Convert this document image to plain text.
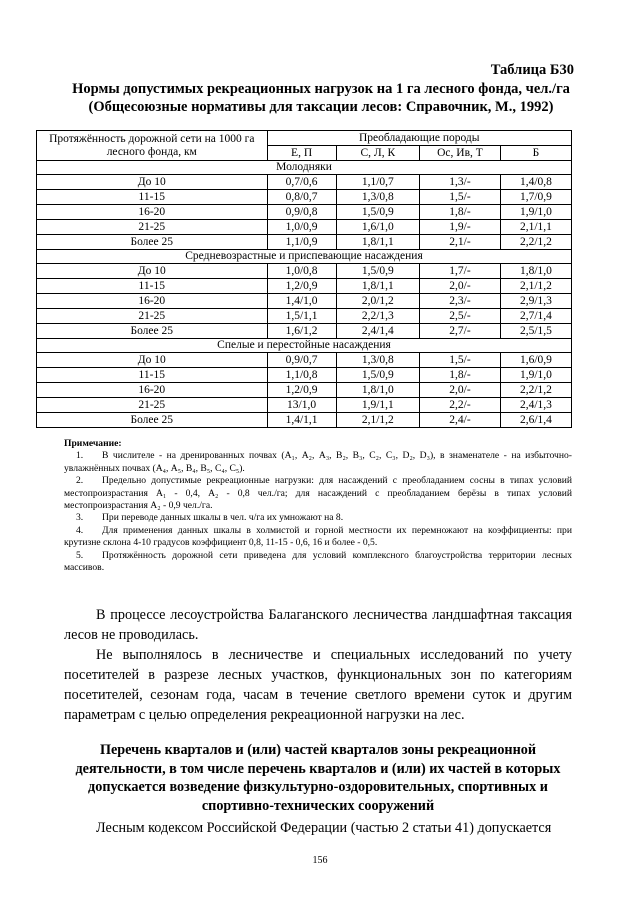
Таблица Б30
Нормы допустимых рекреационных нагрузок на 1 га лесного фонда, чел./га (Общесоюзные нормативы для таксации лесов: Справочник, М., 1992)
Протяжённость дорожной сети на 1000 га лесного фонда, км	Преобладающие породы			
	Е, П	С, Л, К	Ос, Ив, Т	Б
Молодняки				
До 10	0,7/0,6	1,1/0,7	1,3/-	1,4/0,8
11-15	0,8/0,7	1,3/0,8	1,5/-	1,7/0,9
16-20	0,9/0,8	1,5/0,9	1,8/-	1,9/1,0
21-25	1,0/0,9	1,6/1,0	1,9/-	2,1/1,1
Более 25	1,1/0,9	1,8/1,1	2,1/-	2,2/1,2
Средневозрастные и приспевающие насаждения				
До 10	1,0/0,8	1,5/0,9	1,7/-	1,8/1,0
11-15	1,2/0,9	1,8/1,1	2,0/-	2,1/1,2
16-20	1,4/1,0	2,0/1,2	2,3/-	2,9/1,3
21-25	1,5/1,1	2,2/1,3	2,5/-	2,7/1,4
Более 25	1,6/1,2	2,4/1,4	2,7/-	2,5/1,5
Спелые и перестойные насаждения				
До 10	0,9/0,7	1,3/0,8	1,5/-	1,6/0,9
11-15	1,1/0,8	1,5/0,9	1,8/-	1,9/1,0
16-20	1,2/0,9	1,8/1,0	2,0/-	2,2/1,2
21-25	13/1,0	1,9/1,1	2,2/-	2,4/1,3
Более 25	1,4/1,1	2,1/1,2	2,4/-	2,6/1,4

Примечание:

1. В числителе - на дренированных почвах (А₁, А₂, А₃, В₂, В₃, С₂, С₃, D₂, D₃), в знаменателе - на избыточно-увлажнённых почвах (А₄, А₅, В₄, В₅, С₄, С₅).

2. Предельно допустимые рекреационные нагрузки: для насаждений с преобладанием сосны в типах условий местопроизрастания А₁ - 0,4, А₂ - 0,8 чел./га; для насаждений с преобладанием берёзы в типах условий местопроизрастания А₂ - 0,9 чел./га.

3. При переводе данных шкалы в чел. ч/га их умножают на 8.

4. Для применения данных шкалы в холмистой и горной местности их перемножают на коэффициенты: при крутизне склона 4-10 градусов коэффициент 0,8, 11-15 - 0,6, 16 и более - 0,5.

5. Протяжённость дорожной сети приведена для условий комплексного благоустройства территории лесных массивов.

В процессе лесоустройства Балаганского лесничества ландшафтная таксация лесов не проводилась.

Не выполнялось в лесничестве и специальных исследований по учету посетителей в разрезе лесных участков, функциональных зон по категориям посетителей, сезонам года, часам в течение светлого времени суток и другим параметрам с целью определения рекреационной нагрузки на лес.

Перечень кварталов и (или) частей кварталов зоны рекреационной деятельности, в том числе перечень кварталов и (или) их частей в которых допускается возведение физкультурно-оздоровительных, спортивных и спортивно-технических сооружений

Лесным кодексом Российской Федерации (частью 2 статьи 41) допускается

156
